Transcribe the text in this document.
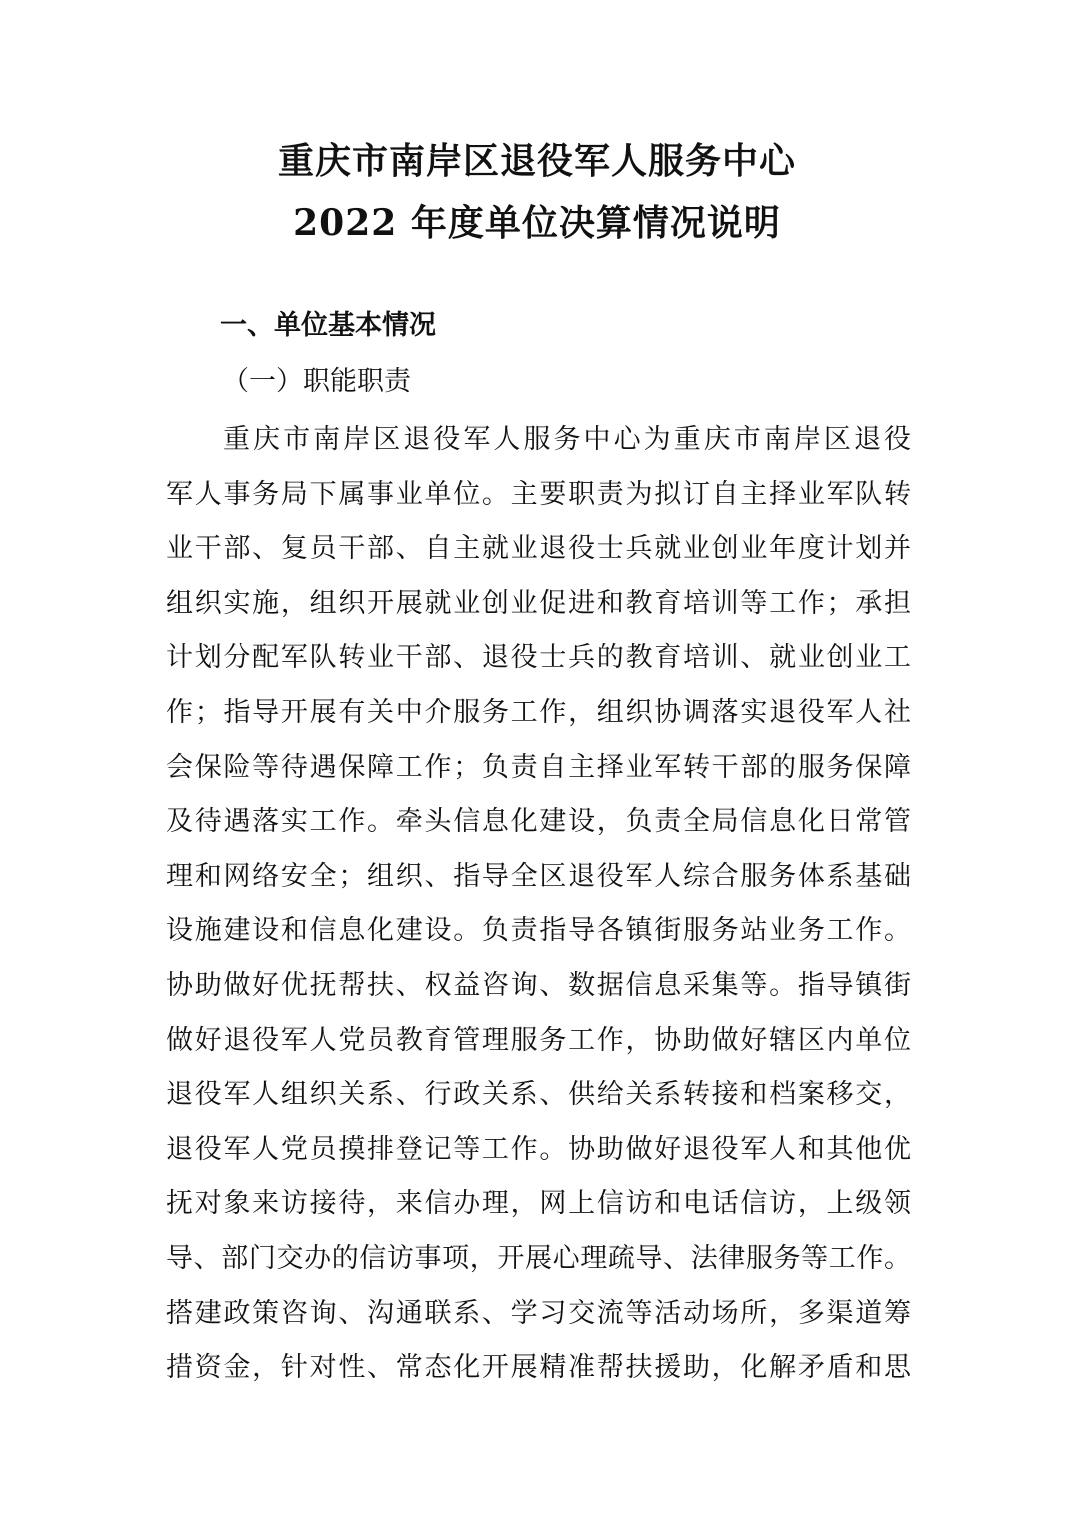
重庆市南岸区退役军人服务中心
2022 年度单位决算情况说明
一、单位基本情况
（一）职能职责
重庆市南岸区退役军人服务中心为重庆市南岸区退役
军人事务局下属事业单位。主要职责为拟订自主择业军队转
业干部、复员干部、自主就业退役士兵就业创业年度计划并
组织实施，组织开展就业创业促进和教育培训等工作；承担
计划分配军队转业干部、退役士兵的教育培训、就业创业工
作；指导开展有关中介服务工作，组织协调落实退役军人社
会保险等待遇保障工作；负责自主择业军转干部的服务保障
及待遇落实工作。牵头信息化建设，负责全局信息化日常管
理和网络安全；组织、指导全区退役军人综合服务体系基础
设施建设和信息化建设。负责指导各镇街服务站业务工作。
协助做好优抚帮扶、权益咨询、数据信息采集等。指导镇街
做好退役军人党员教育管理服务工作，协助做好辖区内单位
退役军人组织关系、行政关系、供给关系转接和档案移交，
退役军人党员摸排登记等工作。协助做好退役军人和其他优
抚对象来访接待，来信办理，网上信访和电话信访，上级领
导、部门交办的信访事项，开展心理疏导、法律服务等工作。
搭建政策咨询、沟通联系、学习交流等活动场所，多渠道筹
措资金，针对性、常态化开展精准帮扶援助，化解矛盾和思
